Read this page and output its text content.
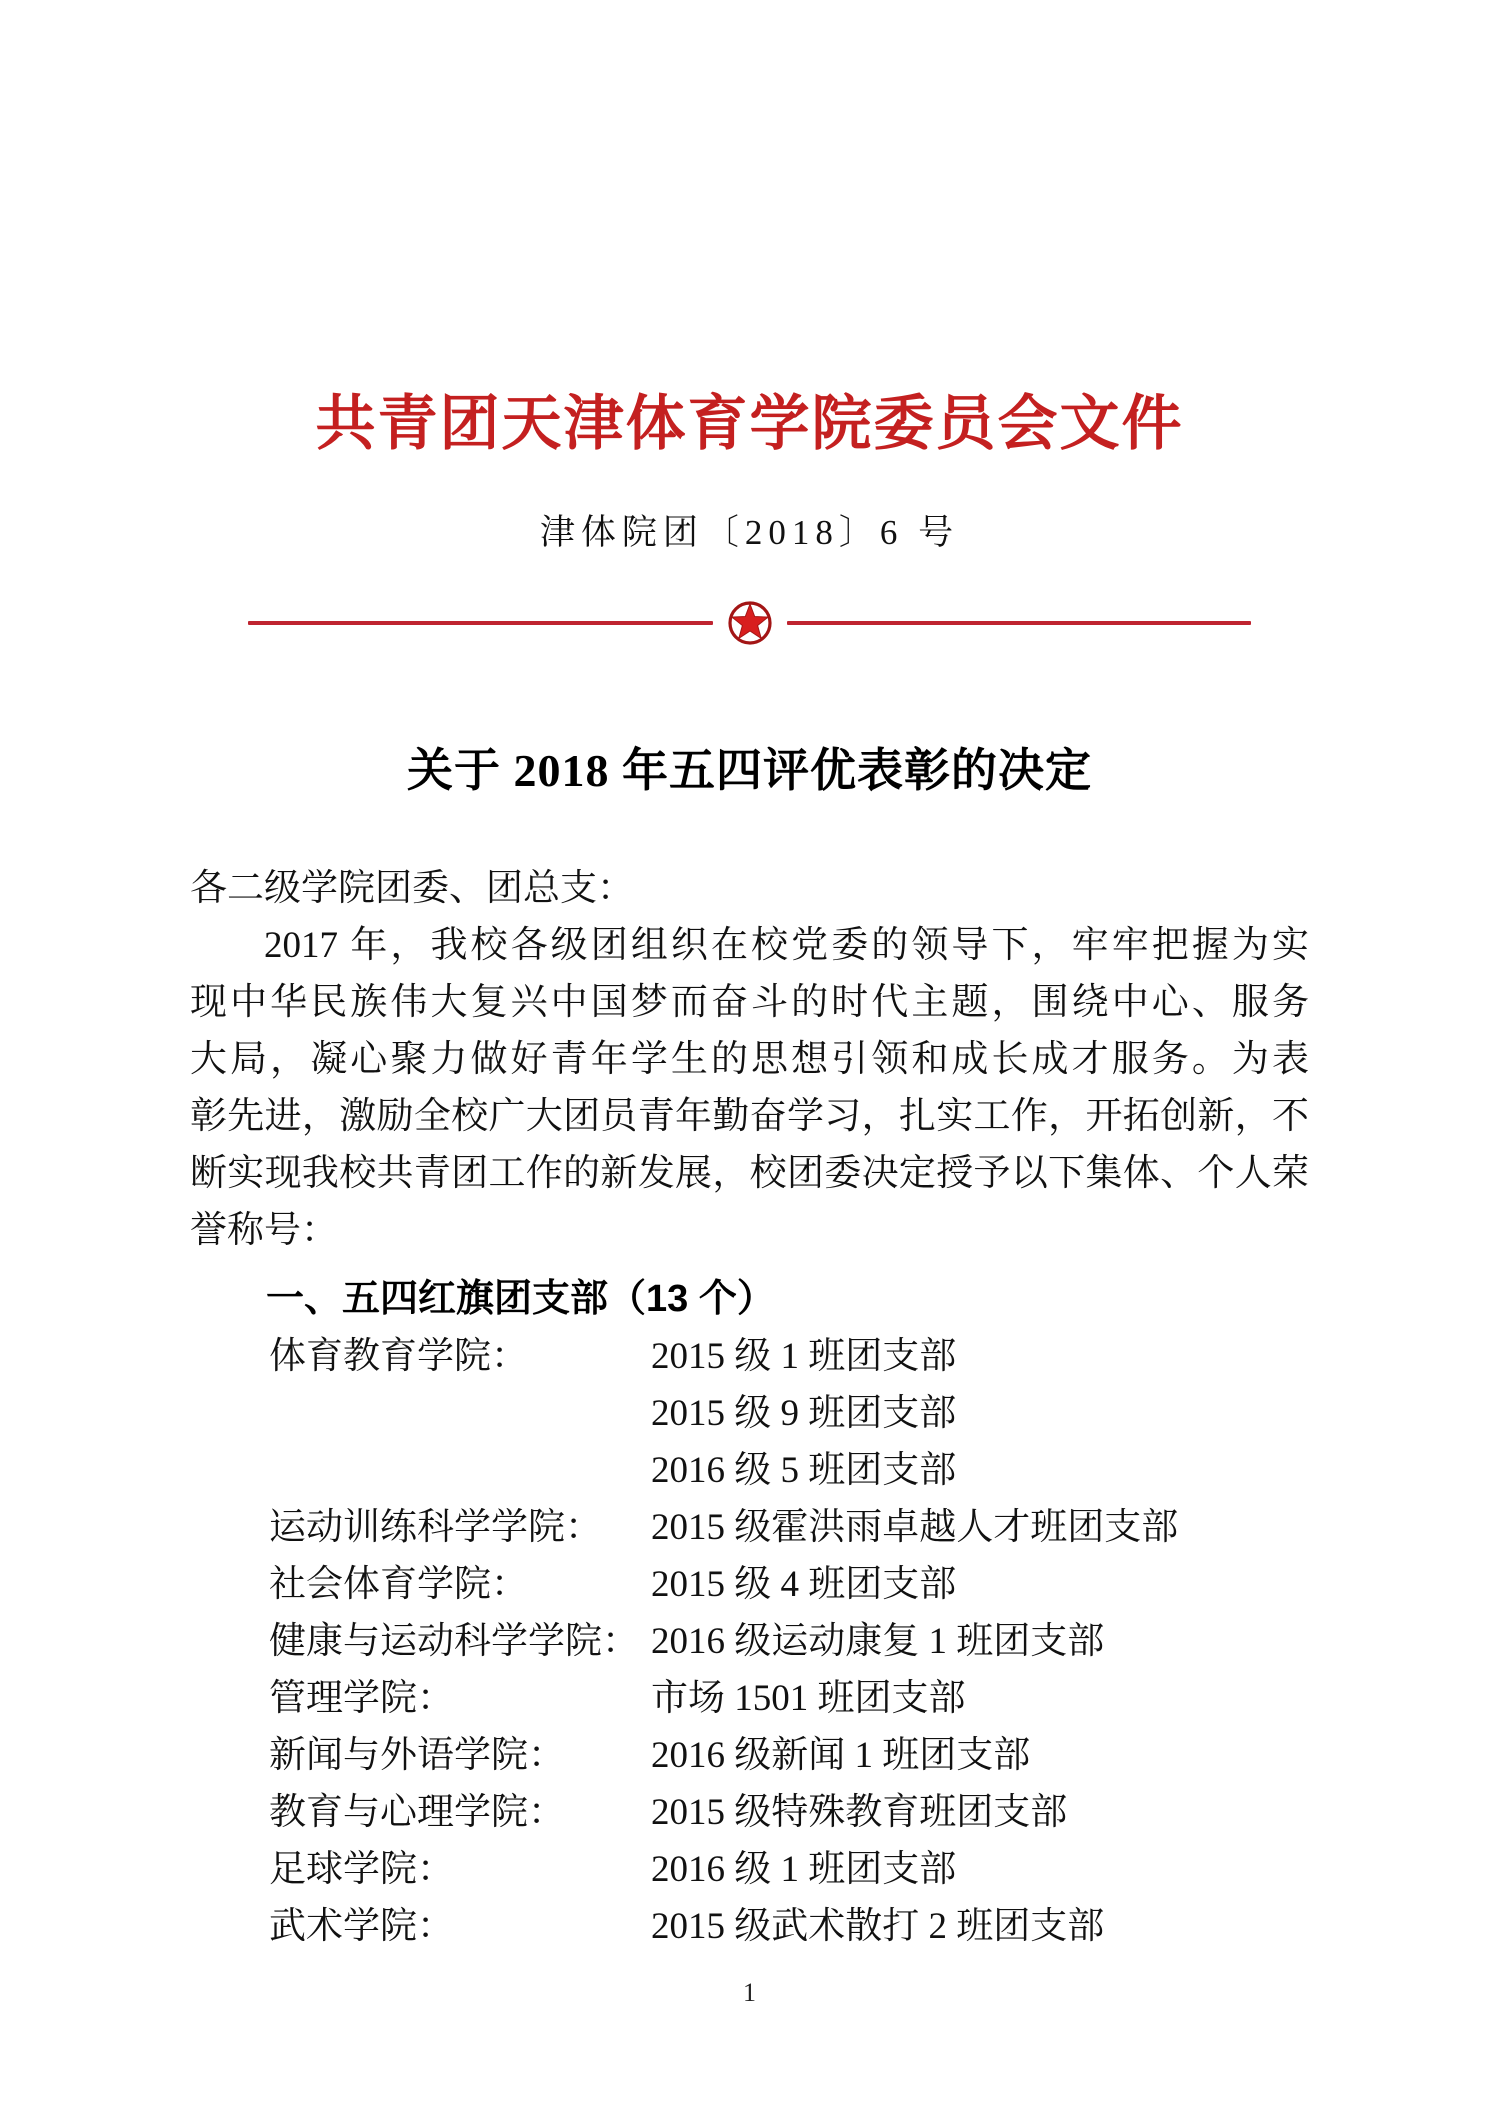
共青团天津体育学院委员会文件
津体院团〔2018〕6 号
关于 2018 年五四评优表彰的决定
各二级学院团委、团总支：
2017 年，我校各级团组织在校党委的领导下，牢牢把握为实
现中华民族伟大复兴中国梦而奋斗的时代主题，围绕中心、服务
大局，凝心聚力做好青年学生的思想引领和成长成才服务。为表
彰先进，激励全校广大团员青年勤奋学习，扎实工作，开拓创新，不
断实现我校共青团工作的新发展，校团委决定授予以下集体、个人荣
誉称号：
一、五四红旗团支部（13 个）
体育教育学院：	2015 级 1 班团支部
2015 级 9 班团支部
2016 级 5 班团支部
运动训练科学学院：	2015 级霍洪雨卓越人才班团支部
社会体育学院：	2015 级 4 班团支部
健康与运动科学学院： 2016 级运动康复 1 班团支部
管理学院：	市场 1501 班团支部
新闻与外语学院：	2016 级新闻 1 班团支部
教育与心理学院：	2015 级特殊教育班团支部
足球学院：	2016 级 1 班团支部
武术学院：	2015 级武术散打 2 班团支部
1
